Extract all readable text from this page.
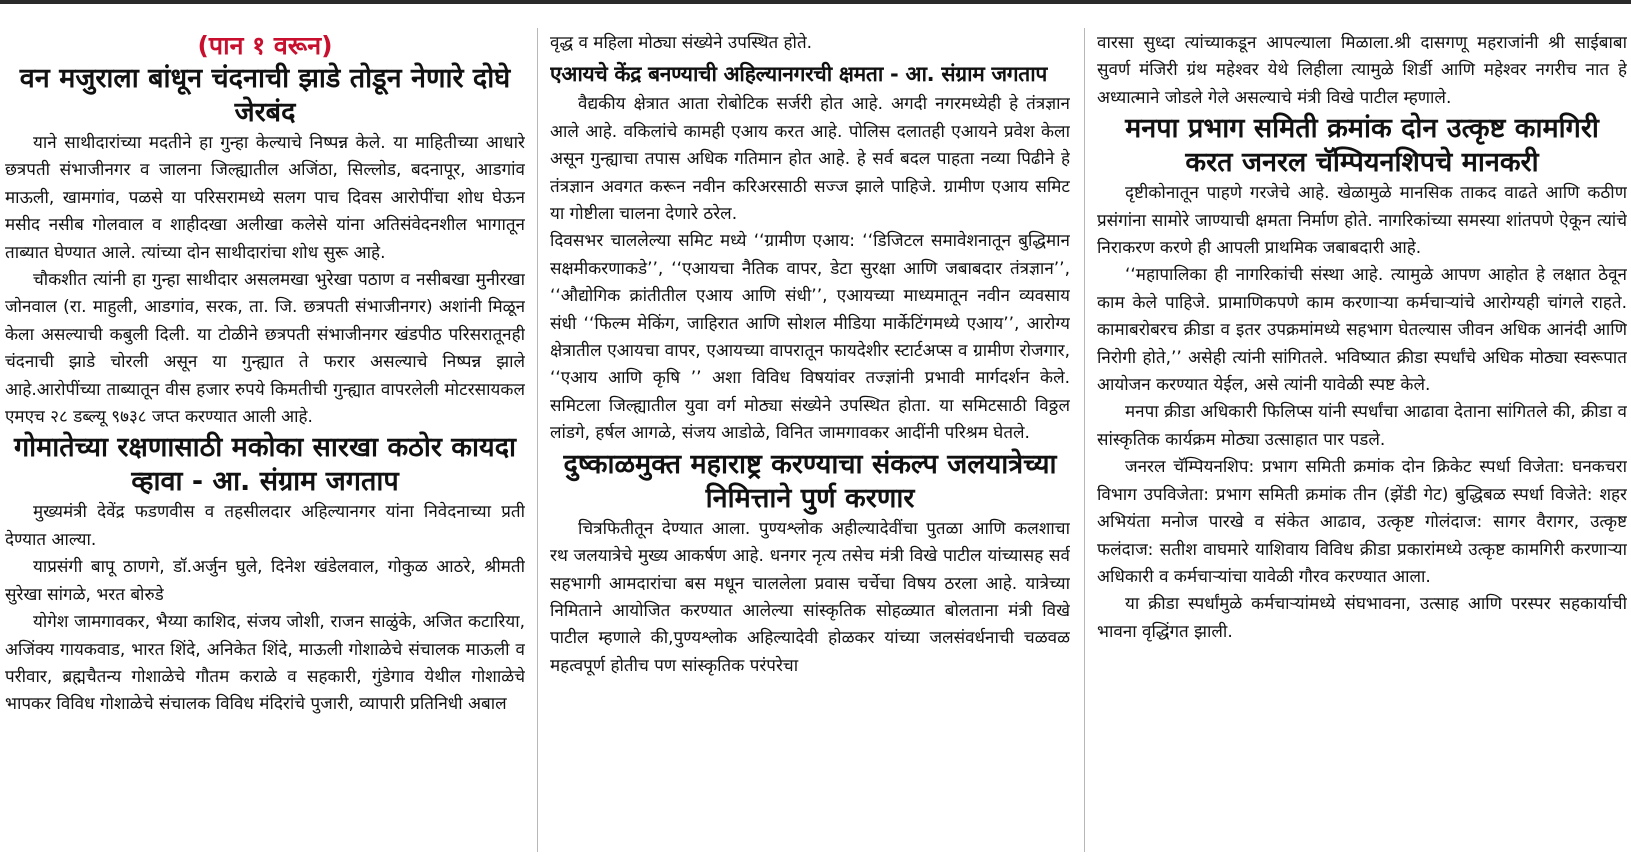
(पान १ वरून)
वन मजुराला बांधून चंदनाची झाडे तोडून नेणारे दोघे जेरबंद

याने साथीदारांच्या मदतीने हा गुन्हा केल्याचे निष्पन्न केले. या माहितीच्या आधारे छत्रपती संभाजीनगर व जालना जिल्ह्यातील अजिंठा, सिल्लोड, बदनापूर, आडगांव माऊली, खामगांव, पळसे या परिसरामध्ये सलग पाच दिवस आरोपींचा शोध घेऊन मसीद नसीब गोलवाल व शाहीदखा अलीखा कलेसे यांना अतिसंवेदनशील भागातून ताब्यात घेण्यात आले. त्यांच्या दोन साथीदारांचा शोध सुरू आहे.

चौकशीत त्यांनी हा गुन्हा साथीदार असलमखा भुरेखा पठाण व नसीबखा मुनीरखा जोनवाल (रा. माहुली, आडगांव, सरक, ता. जि. छत्रपती संभाजीनगर) अशांनी मिळून केला असल्याची कबुली दिली. या टोळीने छत्रपती संभाजीनगर खंडपीठ परिसरातूनही चंदनाची झाडे चोरली असून या गुन्ह्यात ते फरार असल्याचे निष्पन्न झाले आहे.आरोपींच्या ताब्यातून वीस हजार रुपये किमतीची गुन्ह्यात वापरलेली मोटरसायकल एमएच २८ डब्ल्यू ९७३८ जप्त करण्यात आली आहे.

गोमातेच्या रक्षणासाठी मकोका सारखा कठोर कायदा व्हावा - आ. संग्राम जगताप

मुख्यमंत्री देवेंद्र फडणवीस व तहसीलदार अहिल्यानगर यांना निवेदनाच्या प्रती देण्यात आल्या.

याप्रसंगी बापू ठाणगे, डॉ.अर्जुन घुले, दिनेश खंडेलवाल, गोकुळ आठरे, श्रीमती सुरेखा सांगळे, भरत बोरुडे

योगेश जामगावकर, भैय्या काशिद, संजय जोशी, राजन साळुंके, अजित कटारिया, अजिंक्य गायकवाड, भारत शिंदे, अनिकेत शिंदे, माऊली गोशाळेचे संचालक माऊली व परीवार, ब्रह्मचैतन्य गोशाळेचे गौतम कराळे व सहकारी, गुंडेगाव येथील गोशाळेचे भापकर विविध गोशाळेचे संचालक विविध मंदिरांचे पुजारी, व्यापारी प्रतिनिधी अबाल

वृद्ध व महिला मोठ्या संख्येने उपस्थित होते.

एआयचे केंद्र बनण्याची अहिल्यानगरची क्षमता - आ. संग्राम जगताप

वैद्यकीय क्षेत्रात आता रोबोटिक सर्जरी होत आहे. अगदी नगरमध्येही हे तंत्रज्ञान आले आहे. वकिलांचे कामही एआय करत आहे. पोलिस दलातही एआयने प्रवेश केला असून गुन्ह्याचा तपास अधिक गतिमान होत आहे. हे सर्व बदल पाहता नव्या पिढीने हे तंत्रज्ञान अवगत करून नवीन करिअरसाठी सज्ज झाले पाहिजे. ग्रामीण एआय समिट या गोष्टीला चालना देणारे ठरेल.

दिवसभर चाललेल्या समिट मध्ये ‘‘ग्रामीण एआय: ‘‘डिजिटल समावेशनातून बुद्धिमान सक्षमीकरणाकडे’’, ‘‘एआयचा नैतिक वापर, डेटा सुरक्षा आणि जबाबदार तंत्रज्ञान’’, ‘‘औद्योगिक क्रांतीतील एआय आणि संधी’’, एआयच्या माध्यमातून नवीन व्यवसाय संधी ‘‘फिल्म मेकिंग, जाहिरात आणि सोशल मीडिया मार्केटिंगमध्ये एआय’’, आरोग्य क्षेत्रातील एआयचा वापर, एआयच्या वापरातून फायदेशीर स्टार्टअप्स व ग्रामीण रोजगार, ‘‘एआय आणि कृषि ’’ अशा विविध विषयांवर तज्ज्ञांनी प्रभावी मार्गदर्शन केले. समिटला जिल्ह्यातील युवा वर्ग मोठ्या संख्येने उपस्थित होता. या समिटसाठी विठ्ठल लांडगे, हर्षल आगळे, संजय आडोळे, विनित जामगावकर आदींनी परिश्रम घेतले.

दुष्काळमुक्त महाराष्ट्र करण्याचा संकल्प जलयात्रेच्या निमित्ताने पुर्ण करणार

चित्रफितीतून देण्यात आला. पुण्यश्लोक अहील्यादेवींचा पुतळा आणि कलशाचा रथ जलयात्रेचे मुख्य आकर्षण आहे. धनगर नृत्य तसेच मंत्री विखे पाटील यांच्यासह सर्व सहभागी आमदारांचा बस मधून चाललेला प्रवास चर्चेचा विषय ठरला आहे. यात्रेच्या निमिताने आयोजित करण्यात आलेल्या सांस्कृतिक सोहळ्यात बोलताना मंत्री विखे पाटील म्हणाले की,पुण्यश्लोक अहिल्यादेवी होळकर यांच्या जलसंवर्धनाची चळवळ महत्वपूर्ण होतीच पण सांस्कृतिक परंपरेचा

वारसा सुध्दा त्यांच्याकडून आपल्याला मिळाला.श्री दासगणू महराजांनी श्री साईबाबा सुवर्ण मंजिरी ग्रंथ महेश्‍वर येथे लिहीला त्यामुळे शिर्डी आणि महेश्‍वर नगरीच नात हे अध्यात्माने जोडले गेले असल्याचे मंत्री विखे पाटील म्हणाले.

मनपा प्रभाग समिती क्रमांक दोन उत्कृष्ट कामगिरी करत जनरल चॅम्पियनशिपचे मानकरी

दृष्टीकोनातून पाहणे गरजेचे आहे. खेळामुळे मानसिक ताकद वाढते आणि कठीण प्रसंगांना सामोरे जाण्याची क्षमता निर्माण होते. नागरिकांच्या समस्या शांतपणे ऐकून त्यांचे निराकरण करणे ही आपली प्राथमिक जबाबदारी आहे.

‘‘महापालिका ही नागरिकांची संस्था आहे. त्यामुळे आपण आहोत हे लक्षात ठेवून काम केले पाहिजे. प्रामाणिकपणे काम करणाऱ्या कर्मचाऱ्यांचे आरोग्यही चांगले राहते. कामाबरोबरच क्रीडा व इतर उपक्रमांमध्ये सहभाग घेतल्यास जीवन अधिक आनंदी आणि निरोगी होते,’’ असेही त्यांनी सांगितले. भविष्यात क्रीडा स्पर्धांचे अधिक मोठ्या स्वरूपात आयोजन करण्यात येईल, असे त्यांनी यावेळी स्पष्ट केले.

मनपा क्रीडा अधिकारी फिलिप्स यांनी स्पर्धांचा आढावा देताना सांगितले की, क्रीडा व सांस्कृतिक कार्यक्रम मोठ्या उत्साहात पार पडले.

जनरल चॅम्पियनशिप: प्रभाग समिती क्रमांक दोन क्रिकेट स्पर्धा विजेता: घनकचरा विभाग उपविजेता: प्रभाग समिती क्रमांक तीन (झेंडी गेट) बुद्धिबळ स्पर्धा विजेते: शहर अभियंता मनोज पारखे व संकेत आढाव, उत्कृष्ट गोलंदाज: सागर वैरागर, उत्कृष्ट फलंदाज: सतीश वाघमारे याशिवाय विविध क्रीडा प्रकारांमध्ये उत्कृष्ट कामगिरी करणाऱ्या अधिकारी व कर्मचाऱ्यांचा यावेळी गौरव करण्यात आला.

या क्रीडा स्पर्धांमुळे कर्मचाऱ्यांमध्ये संघभावना, उत्साह आणि परस्पर सहकार्याची भावना वृद्धिंगत झाली.
